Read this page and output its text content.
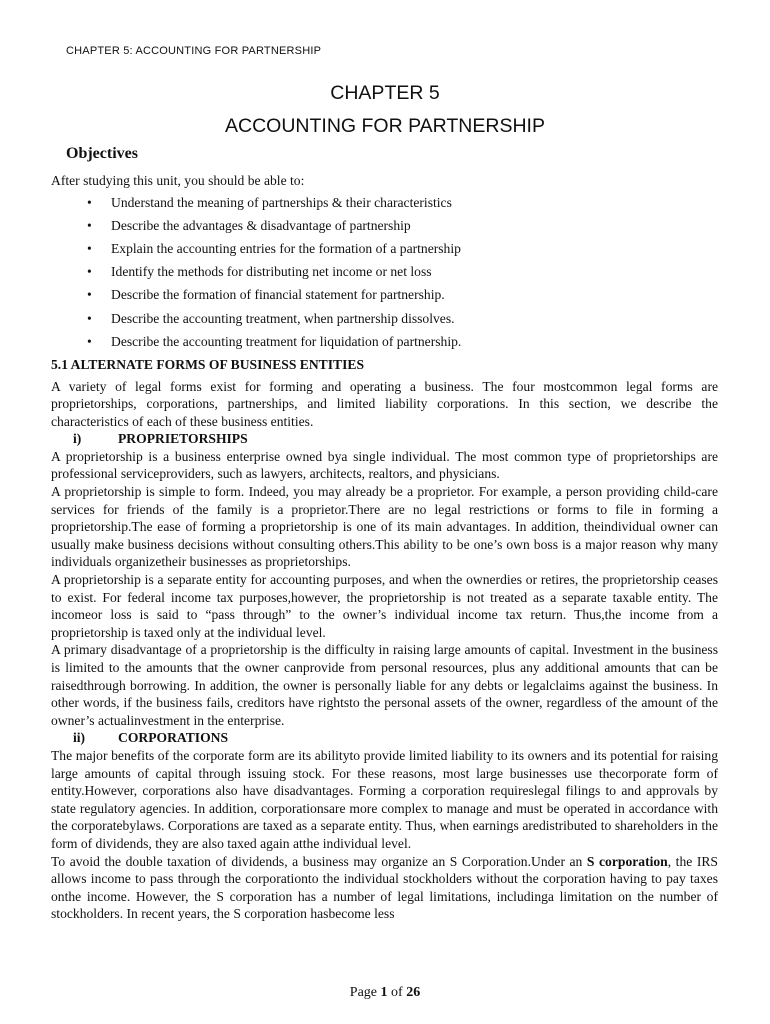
CHAPTER 5: ACCOUNTING FOR PARTNERSHIP
CHAPTER 5
ACCOUNTING FOR PARTNERSHIP
Objectives

After studying this unit, you should be able to:

• Understand the meaning of partnerships & their characteristics
• Describe the advantages & disadvantage of partnership
• Explain the accounting entries for the formation of a partnership
• Identify the methods for distributing net income or net loss
• Describe the formation of financial statement for partnership.
• Describe the accounting treatment, when partnership dissolves.
• Describe the accounting treatment for liquidation of partnership.

5.1 ALTERNATE FORMS OF BUSINESS ENTITIES

A variety of legal forms exist for forming and operating a business. The four mostcommon legal forms are proprietorships, corporations, partnerships, and limited liability corporations. In this section, we describe the characteristics of each of these business entities.

i)	PROPRIETORSHIPS

A proprietorship is a business enterprise owned bya single individual. The most common type of proprietorships are professional serviceproviders, such as lawyers, architects, realtors, and physicians.

A proprietorship is simple to form. Indeed, you may already be a proprietor. For example, a person providing child-care services for friends of the family is a proprietor.There are no legal restrictions or forms to file in forming a proprietorship.The ease of forming a proprietorship is one of its main advantages. In addition, theindividual owner can usually make business decisions without consulting others.This ability to be one’s own boss is a major reason why many individuals organizetheir businesses as proprietorships.

A proprietorship is a separate entity for accounting purposes, and when the ownerdies or retires, the proprietorship ceases to exist. For federal income tax purposes,however, the proprietorship is not treated as a separate taxable entity. The incomeor loss is said to “pass through” to the owner’s individual income tax return. Thus,the income from a proprietorship is taxed only at the individual level.

A primary disadvantage of a proprietorship is the difficulty in raising large amounts of capital. Investment in the business is limited to the amounts that the owner canprovide from personal resources, plus any additional amounts that can be raisedthrough borrowing. In addition, the owner is personally liable for any debts or legalclaims against the business. In other words, if the business fails, creditors have rightsto the personal assets of the owner, regardless of the amount of the owner’s actualinvestment in the enterprise.

ii) CORPORATIONS

The major benefits of the corporate form are its abilityto provide limited liability to its owners and its potential for raising large amounts of capital through issuing stock. For these reasons, most large businesses use thecorporate form of entity.However, corporations also have disadvantages. Forming a corporation requireslegal filings to and approvals by state regulatory agencies. In addition, corporationsare more complex to manage and must be operated in accordance with the corporatebylaws. Corporations are taxed as a separate entity. Thus, when earnings aredistributed to shareholders in the form of dividends, they are also taxed again atthe individual level.

To avoid the double taxation of dividends, a business may organize an S Corporation.Under an S corporation, the IRS allows income to pass through the corporationto the individual stockholders without the corporation having to pay taxes onthe income. However, the S corporation has a number of legal limitations, includinga limitation on the number of stockholders. In recent years, the S corporation hasbecome less

Page 1 of 26
